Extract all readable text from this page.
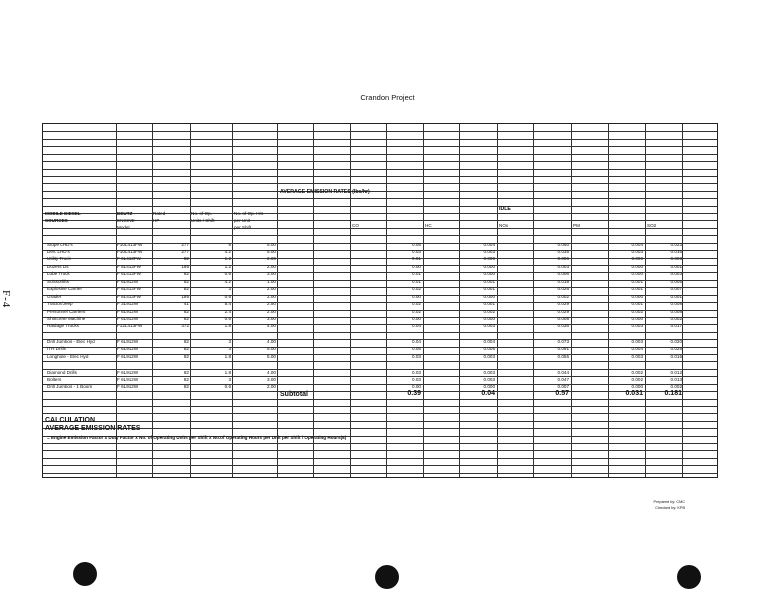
Crandon Project
F-4
AVERAGE EMISSION RATES (lbs/hr)
IDLE
MOBILE DIESEL
SOURCES
DEUTZ
ENGINE
Model
Rated
HP
No. of Op.
Units / Shift
No. of Op. Hrs
per Unit
per Shift	CO	HC	NOx	PM	SO2
.
Stope LHD's	F10L413FW	277	6	5.00	0.05	0.004	0.050	0.004	0.023
Dev. LHD's	F10L413FW	277	4.2	5.00	0.03	0.003	0.035	0.003	0.016
Utility Truck	F 6L413FW	82	1.2	2.00	0.01	0.000	0.006	0.000	0.003
Dozers D4	F 8L413FW	185	1.2	2.00	0.00	0.000	0.003	0.000	0.001
Lube Truck	F 6L413FW	82	0.6	3.00	0.01	0.000	0.006	0.000	0.003
Scissorlifts	F 6L912W	82	4.2	1.00	0.01	0.001	0.018	0.001	0.005
Explosive Carrier	F 6L413FW	82	3	2.00	0.02	0.001	0.026	0.001	0.007
Grader	F 8L413FW	185	0.6	2.00	0.00	0.000	0.002	0.000	0.001
Tractor/Jeep	F 3L912W	41	5.4	2.50	0.02	0.001	0.029	0.001	0.008
Personnel Carriers	F 6L912W	82	2.4	2.00	0.02	0.002	0.029	0.002	0.008
Shotcrete Machine	F 6L912W	82	0.6	3.00	0.00	0.000	0.008	0.000	0.002
Haulage Trucks	F12L413FW	372	1.8	4.00	0.04	0.003	0.036	0.003	0.017
Drill Jumbos - Elec Hyd	F 6L912W	82	3	4.00	0.04	0.004	0.073	0.003	0.020
ITH Drills	F 6L912W	82	3	5.00	0.05	0.005	0.091	0.004	0.025
Longhole - Elec Hyd	F 6L912W	82	1.8	5.00	0.03	0.003	0.055	0.003	0.015
Diamond Drills	F 6L912W	82	1.8	4.00	0.03	0.003	0.044	0.002	0.012
Bolters	F 6L912W	82	3	3.00	0.03	0.003	0.047	0.002	0.013
Drill Jumbos - 1 Boom	F 6L912W	82	0.6	2.00	0.00	0.000	0.007	0.000	0.002
Subtotal	0.39	0.04	0.57	0.031	0.181
CALCULATION
AVERAGE EMISSION RATES
= Engine Emission Factor x Duty Factor x No. of Operating Units per Shift x No.of Operating Hours per Unit per Shift / Operating Hours(8)
Prepared by: CMC
Checked by: KPB
